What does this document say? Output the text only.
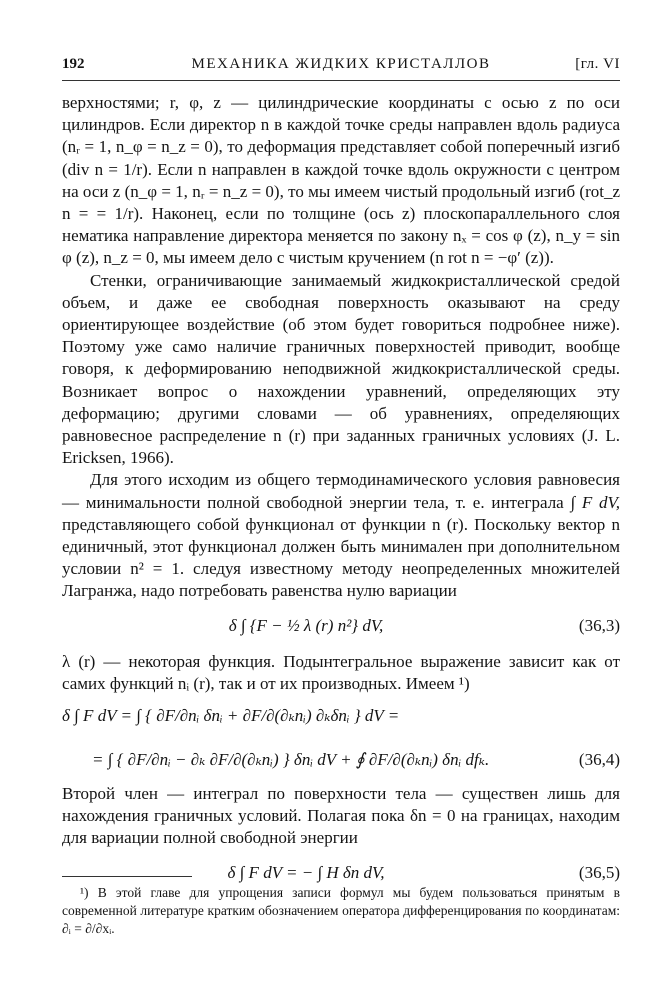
192	МЕХАНИКА ЖИДКИХ КРИСТАЛЛОВ	[гл. VI

верхностями; r, φ, z — цилиндрические координаты с осью z по оси цилиндров. Если директор n в каждой точке среды направлен вдоль радиуса (nᵣ = 1, n_φ = n_z = 0), то деформация представляет собой поперечный изгиб (div n = 1/r). Если n направлен в каждой точке вдоль окружности с центром на оси z (n_φ = 1, nᵣ = n_z = 0), то мы имеем чистый продольный изгиб (rot_z n = = 1/r). Наконец, если по толщине (ось z) плоскопараллельного слоя нематика направление директора меняется по закону nₓ = cos φ (z), n_y = sin φ (z), n_z = 0, мы имеем дело с чистым кручением (n rot n = −φ′ (z)).

Стенки, ограничивающие занимаемый жидкокристаллической средой объем, и даже ее свободная поверхность оказывают на среду ориентирующее воздействие (об этом будет говориться подробнее ниже). Поэтому уже само наличие граничных поверхностей приводит, вообще говоря, к деформированию неподвижной жидкокристаллической среды. Возникает вопрос о нахождении уравнений, определяющих эту деформацию; другими словами — об уравнениях, определяющих равновесное распределение n (r) при заданных граничных условиях (J. L. Ericksen, 1966).

Для этого исходим из общего термодинамического условия равновесия — минимальности полной свободной энергии тела, т. е. интеграла ∫ F dV, представляющего собой функционал от функции n (r). Поскольку вектор n единичный, этот функционал должен быть минимален при дополнительном условии n² = 1. следуя известному методу неопределенных множителей Лагранжа, надо потребовать равенства нулю вариации

δ ∫ {F − ½ λ (r) n²} dV,	(36,3)

λ (r) — некоторая функция. Подынтегральное выражение зависит как от самих функций nᵢ (r), так и от их производных. Имеем ¹)

δ ∫ F dV = ∫ { ∂F/∂nᵢ δnᵢ + ∂F/∂(∂ₖnᵢ) ∂ₖδnᵢ } dV =
= ∫ { ∂F/∂nᵢ − ∂ₖ ∂F/∂(∂ₖnᵢ) } δnᵢ dV + ∮ ∂F/∂(∂ₖnᵢ) δnᵢ dfₖ.	(36,4)

Второй член — интеграл по поверхности тела — существен лишь для нахождения граничных условий. Полагая пока δn = 0 на границах, находим для вариации полной свободной энергии

δ ∫ F dV = − ∫ H δn dV,	(36,5)
¹) В этой главе для упрощения записи формул мы будем пользоваться принятым в современной литературе кратким обозначением оператора дифференцирования по координатам: ∂ᵢ = ∂/∂xᵢ.
